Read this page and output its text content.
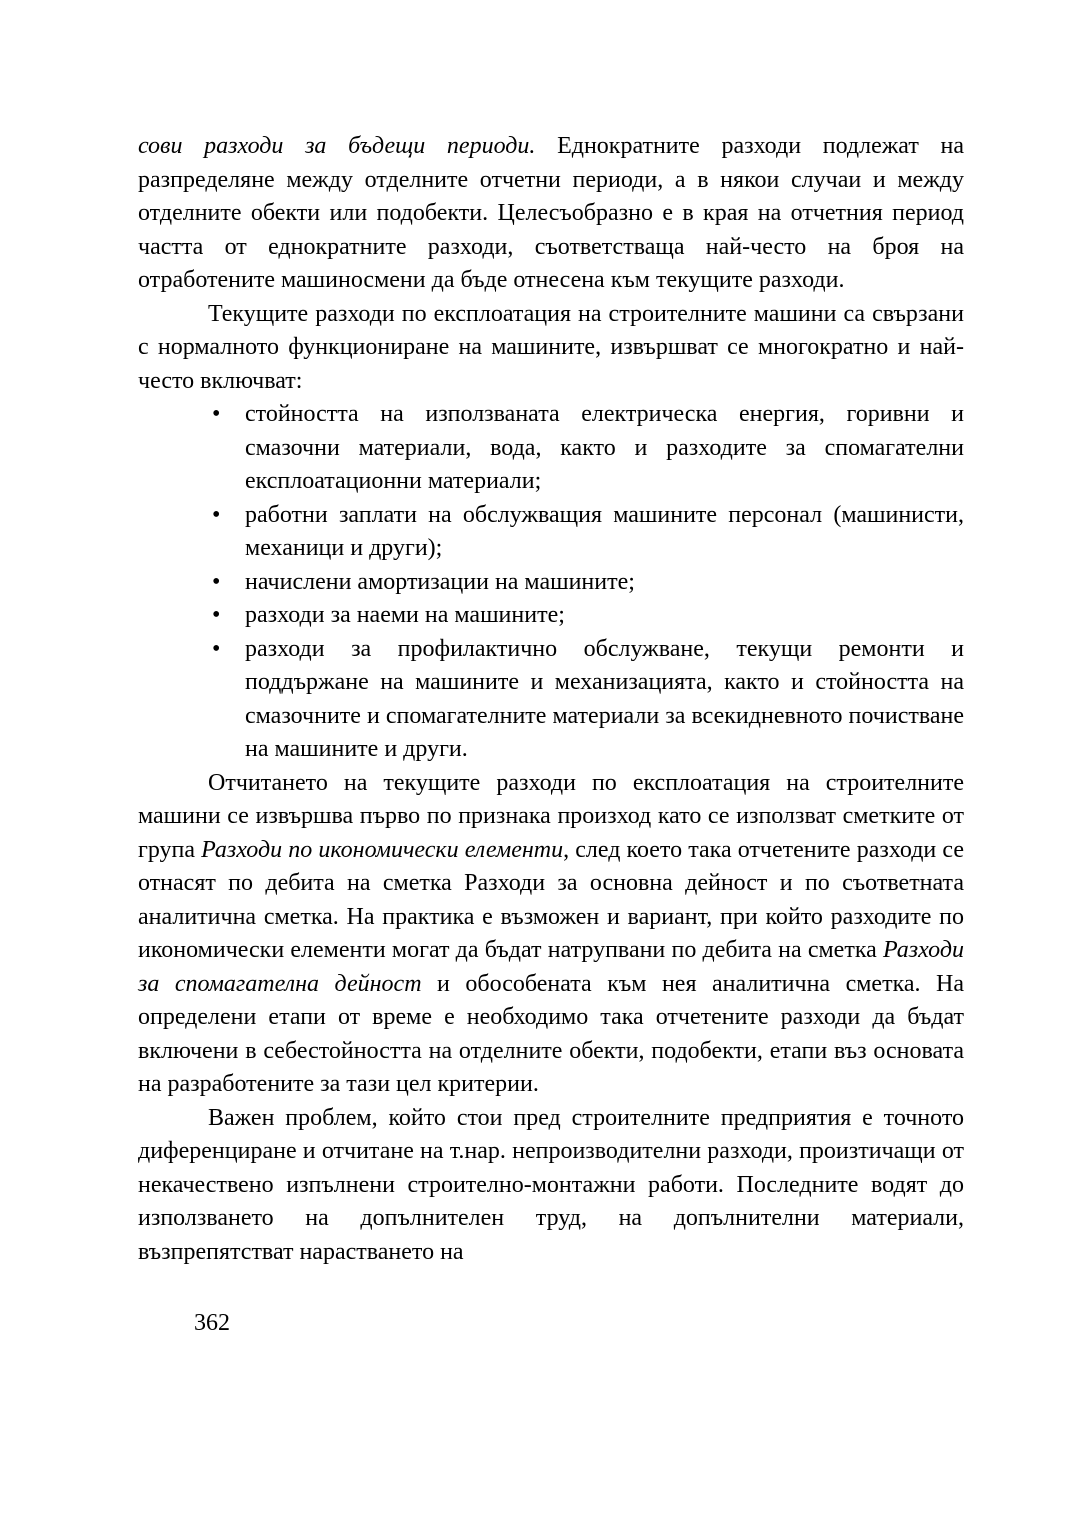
сови разходи за бъдещи периоди. Еднократните разходи подлежат на разпределяне между отделните отчетни периоди, а в някои случаи и между отделните обекти или подобекти. Целесъобразно е в края на отчетния период частта от еднократните разходи, съответстваща най-често на броя на отработените машиносмени да бъде отнесена към текущите разходи.

Текущите разходи по експлоатация на строителните машини са свързани с нормалното функциониране на машините, извършват се многократно и най-често включват:

• стойността на използваната електрическа енергия, горивни и смазочни материали, вода, както и разходите за спомагателни експлоатационни материали;
• работни заплати на обслужващия машините персонал (машинисти, механици и други);
• начислени амортизации на машините;
• разходи за наеми на машините;
• разходи за профилактично обслужване, текущи ремонти и поддържане на машините и механизацията, както и стойността на смазочните и спомагателните материали за всекидневното почистване на машините и други.

Отчитането на текущите разходи по експлоатация на строителните машини се извършва първо по признака произход като се използват сметките от група Разходи по икономически елементи, след което така отчетените разходи се отнасят по дебита на сметка Разходи за основна дейност и по съответната аналитична сметка. На практика е възможен и вариант, при който разходите по икономически елементи могат да бъдат натрупвани по дебита на сметка Разходи за спомагателна дейност и обособената към нея аналитична сметка. На определени етапи от време е необходимо така отчетените разходи да бъдат включени в себестойността на отделните обекти, подобекти, етапи въз основата на разработените за тази цел критерии.

Важен проблем, който стои пред строителните предприятия е точното диференциране и отчитане на т.нар. непроизводителни разходи, произтичащи от некачествено изпълнени строително-монтажни работи. Последните водят до използването на допълнителен труд, на допълнителни материали, възпрепятстват нарастването на

362
